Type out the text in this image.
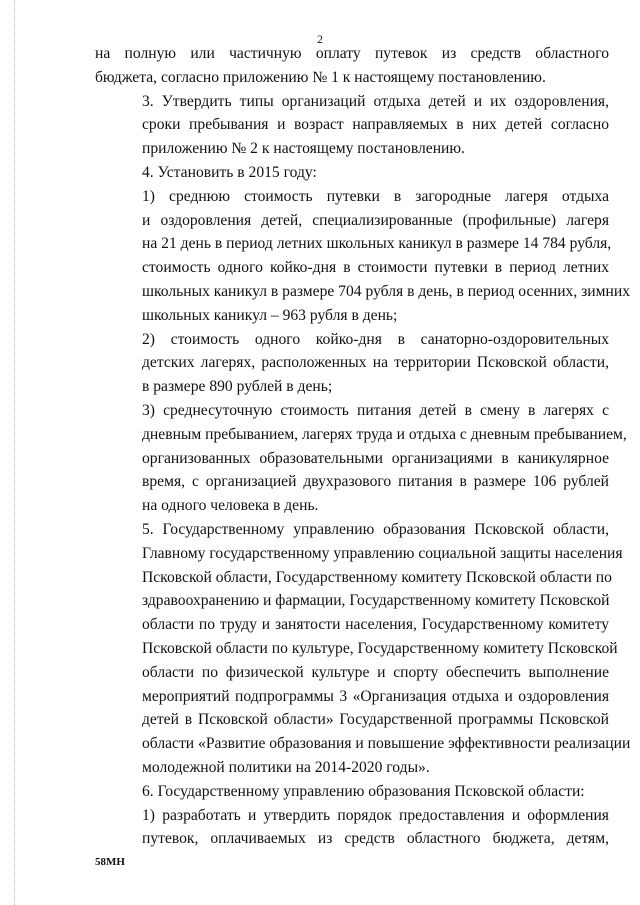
2

на полную или частичную оплату путевок из средств областного
бюджета, согласно приложению № 1 к настоящему постановлению.

3. Утвердить типы организаций отдыха детей и их оздоровления,
сроки пребывания и возраст направляемых в них детей согласно
приложению № 2 к настоящему постановлению.

4. Установить в 2015 году:

1) среднюю стоимость путевки в загородные лагеря отдыха
и оздоровления детей, специализированные (профильные) лагеря
на 21 день в период летних школьных каникул в размере 14 784 рубля,
стоимость одного койко-дня в стоимости путевки в период летних
школьных каникул в размере 704 рубля в день, в период осенних, зимних
школьных каникул – 963 рубля в день;

2) стоимость одного койко-дня в санаторно-оздоровительных
детских лагерях, расположенных на территории Псковской области,
в размере 890 рублей в день;

3) среднесуточную стоимость питания детей в смену в лагерях с
дневным пребыванием, лагерях труда и отдыха с дневным пребыванием,
организованных образовательными организациями в каникулярное
время, с организацией двухразового питания в размере 106 рублей
на одного человека в день.

5. Государственному управлению образования Псковской области,
Главному государственному управлению социальной защиты населения
Псковской области, Государственному комитету Псковской области по
здравоохранению и фармации, Государственному комитету Псковской
области по труду и занятости населения, Государственному комитету
Псковской области по культуре, Государственному комитету Псковской
области по физической культуре и спорту обеспечить выполнение
мероприятий подпрограммы 3 «Организация отдыха и оздоровления
детей в Псковской области» Государственной программы Псковской
области «Развитие образования и повышение эффективности реализации
молодежной политики на 2014-2020 годы».

6. Государственному управлению образования Псковской области:

1) разработать и утвердить порядок предоставления и оформления
путевок, оплачиваемых из средств областного бюджета, детям,

58МН
